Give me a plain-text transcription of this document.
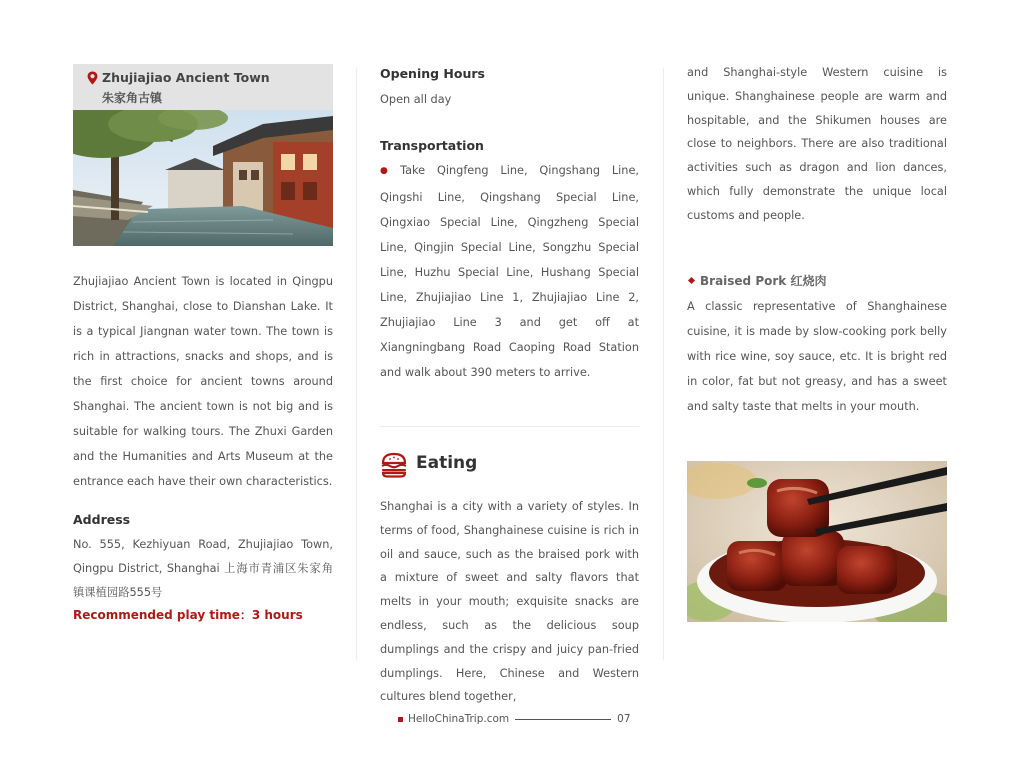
Zhujiajiao Ancient Town
朱家角古镇

Zhujiajiao Ancient Town is located in Qingpu District, Shanghai, close to Dianshan Lake. It is a typical Jiangnan water town. The town is rich in attractions, snacks and shops, and is the first choice for ancient towns around Shanghai. The ancient town is not big and is suitable for walking tours. The Zhuxi Garden and the Humanities and Arts Museum at the entrance each have their own characteristics.

Address

No. 555, Kezhiyuan Road, Zhujiajiao Town, Qingpu District, Shanghai 上海市青浦区朱家角镇课植园路555号

Recommended play time：3 hours
Opening Hours

Open all day

Transportation

● Take Qingfeng Line, Qingshang Line, Qingshi Line, Qingshang Special Line, Qingxiao Special Line, Qingzheng Special Line, Qingjin Special Line, Songzhu Special Line, Huzhu Special Line, Hushang Special Line, Zhujiajiao Line 1, Zhujiajiao Line 2, Zhujiajiao Line 3 and get off at Xiangningbang Road Caoping Road Station and walk about 390 meters to arrive.

Eating

Shanghai is a city with a variety of styles. In terms of food, Shanghainese cuisine is rich in oil and sauce, such as the braised pork with a mixture of sweet and salty flavors that melts in your mouth; exquisite snacks are endless, such as the delicious soup dumplings and the crispy and juicy pan-fried dumplings. Here, Chinese and Western cultures blend together,

and Shanghai-style Western cuisine is unique. Shanghainese people are warm and hospitable, and the Shikumen houses are close to neighbors. There are also traditional activities such as dragon and lion dances, which fully demonstrate the unique local customs and people.

Braised Pork 红烧肉

A classic representative of Shanghainese cuisine, it is made by slow-cooking pork belly with rice wine, soy sauce, etc. It is bright red in color, fat but not greasy, and has a sweet and salty taste that melts in your mouth.

HelloChinaTrip.com	07
